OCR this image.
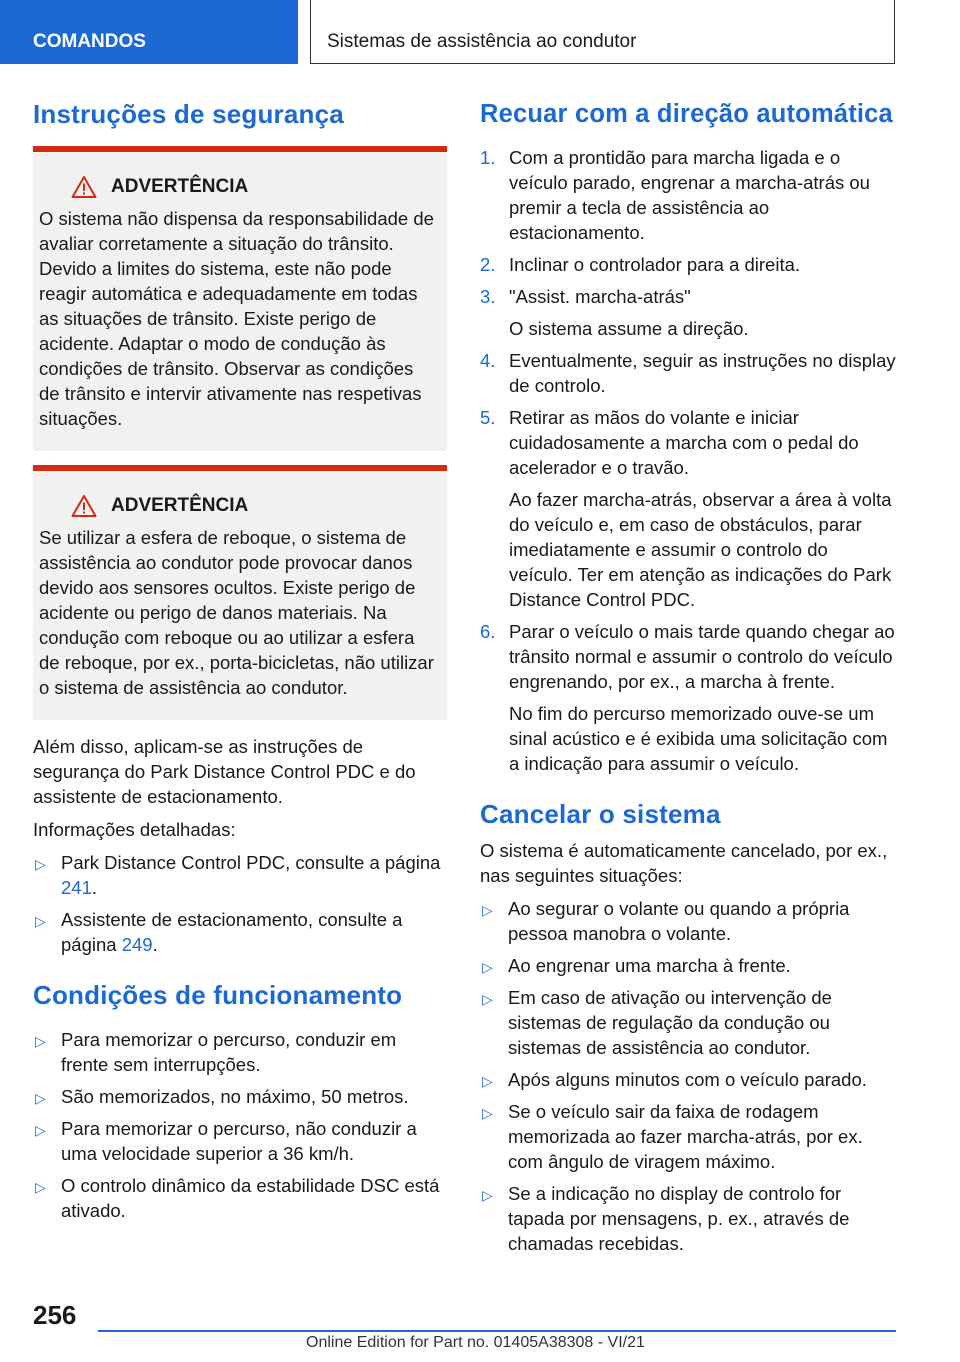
COMANDOS	Sistemas de assistência ao condutor
Instruções de segurança
ADVERTÊNCIA
O sistema não dispensa da responsabilidade de avaliar corretamente a situação do trânsito. Devido a limites do sistema, este não pode reagir automática e adequadamente em todas as situações de trânsito. Existe perigo de acidente. Adaptar o modo de condução às condições de trânsito. Observar as condições de trânsito e intervir ativamente nas respetivas situações.
ADVERTÊNCIA
Se utilizar a esfera de reboque, o sistema de assistência ao condutor pode provocar danos devido aos sensores ocultos. Existe perigo de acidente ou perigo de danos materiais. Na condução com reboque ou ao utilizar a esfera de reboque, por ex., porta-bicicletas, não utilizar o sistema de assistência ao condutor.

Além disso, aplicam-se as instruções de segurança do Park Distance Control PDC e do assistente de estacionamento.

Informações detalhadas:

▷ Park Distance Control PDC, consulte a página 241.
▷ Assistente de estacionamento, consulte a página 249.
Condições de funcionamento
▷ Para memorizar o percurso, conduzir em frente sem interrupções.
▷ São memorizados, no máximo, 50 metros.
▷ Para memorizar o percurso, não conduzir a uma velocidade superior a 36 km/h.
▷ O controlo dinâmico da estabilidade DSC está ativado.
Recuar com a direção automática
1. Com a prontidão para marcha ligada e o veículo parado, engrenar a marcha-atrás ou premir a tecla de assistência ao estacionamento.
2. Inclinar o controlador para a direita.
3. "Assist. marcha-atrás"
O sistema assume a direção.
4. Eventualmente, seguir as instruções no display de controlo.
5. Retirar as mãos do volante e iniciar cuidadosamente a marcha com o pedal do acelerador e o travão.
Ao fazer marcha-atrás, observar a área à volta do veículo e, em caso de obstáculos, parar imediatamente e assumir o controlo do veículo. Ter em atenção as indicações do Park Distance Control PDC.
6. Parar o veículo o mais tarde quando chegar ao trânsito normal e assumir o controlo do veículo engrenando, por ex., a marcha à frente.
No fim do percurso memorizado ouve-se um sinal acústico e é exibida uma solicitação com a indicação para assumir o veículo.
Cancelar o sistema

O sistema é automaticamente cancelado, por ex., nas seguintes situações:

▷ Ao segurar o volante ou quando a própria pessoa manobra o volante.
▷ Ao engrenar uma marcha à frente.
▷ Em caso de ativação ou intervenção de sistemas de regulação da condução ou sistemas de assistência ao condutor.
▷ Após alguns minutos com o veículo parado.
▷ Se o veículo sair da faixa de rodagem memorizada ao fazer marcha-atrás, por ex. com ângulo de viragem máximo.
▷ Se a indicação no display de controlo for tapada por mensagens, p. ex., através de chamadas recebidas.
256
Online Edition for Part no. 01405A38308 - VI/21
